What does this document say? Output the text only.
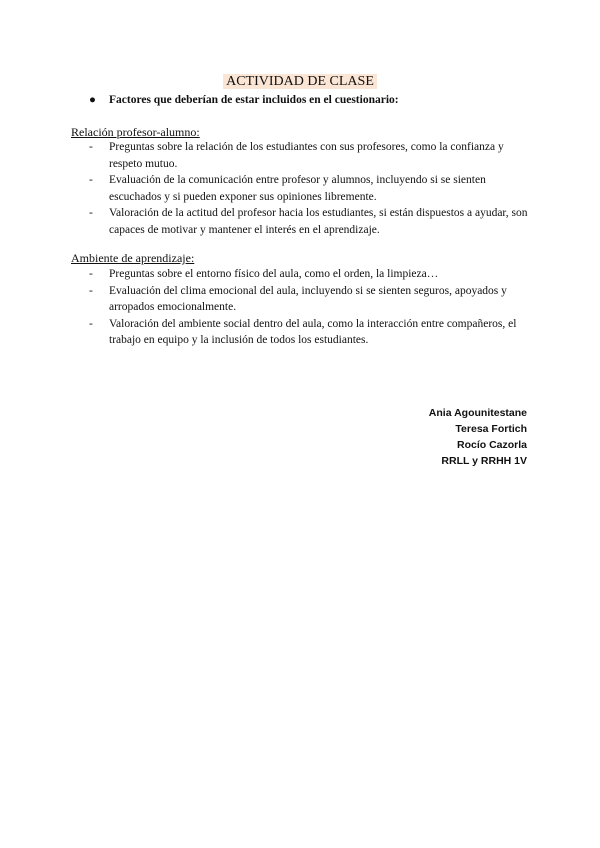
ACTIVIDAD DE CLASE
● Factores que deberían de estar incluidos en el cuestionario:
Relación profesor-alumno:
- Preguntas sobre la relación de los estudiantes con sus profesores, como la confianza y respeto mutuo.
- Evaluación de la comunicación entre profesor y alumnos, incluyendo si se sienten escuchados y si pueden exponer sus opiniones libremente.
- Valoración de la actitud del profesor hacia los estudiantes, si están dispuestos a ayudar, son capaces de motivar y mantener el interés en el aprendizaje.
Ambiente de aprendizaje:
- Preguntas sobre el entorno físico del aula, como el orden, la limpieza…
- Evaluación del clima emocional del aula, incluyendo si se sienten seguros, apoyados y arropados emocionalmente.
- Valoración del ambiente social dentro del aula, como la interacción entre compañeros, el trabajo en equipo y la inclusión de todos los estudiantes.
Ania Agounitestane
Teresa Fortich
Rocío Cazorla
RRLL y RRHH 1V
